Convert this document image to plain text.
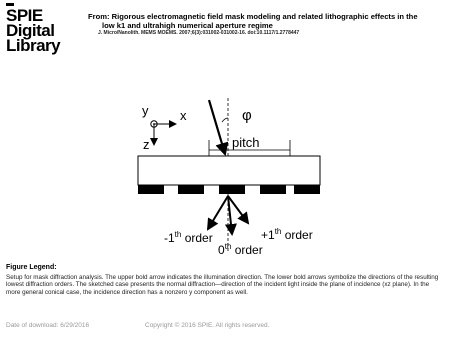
SPIE
Digital
Library
From: Rigorous electromagnetic field mask modeling and related lithographic effects in the
low k1 and ultrahigh numerical aperture regime
J. Micro/Nanolith. MEMS MOEMS. 2007;6(3):031002-031002-16. doi:10.1117/1.2778447
y x
z
φ
pitch
-1th order
0th order
+1th order
Figure Legend:
Setup for mask diffraction analysis. The upper bold arrow indicates the illumination direction. The lower bold arrows symbolize the directions of the resulting lowest diffraction orders. The sketched case presents the normal diffraction—direction of the incident light inside the plane of incidence (xz plane). In the more general conical case, the incidence direction has a nonzero y component as well.
Date of download: 6/29/2016	Copyright © 2016 SPIE. All rights reserved.
